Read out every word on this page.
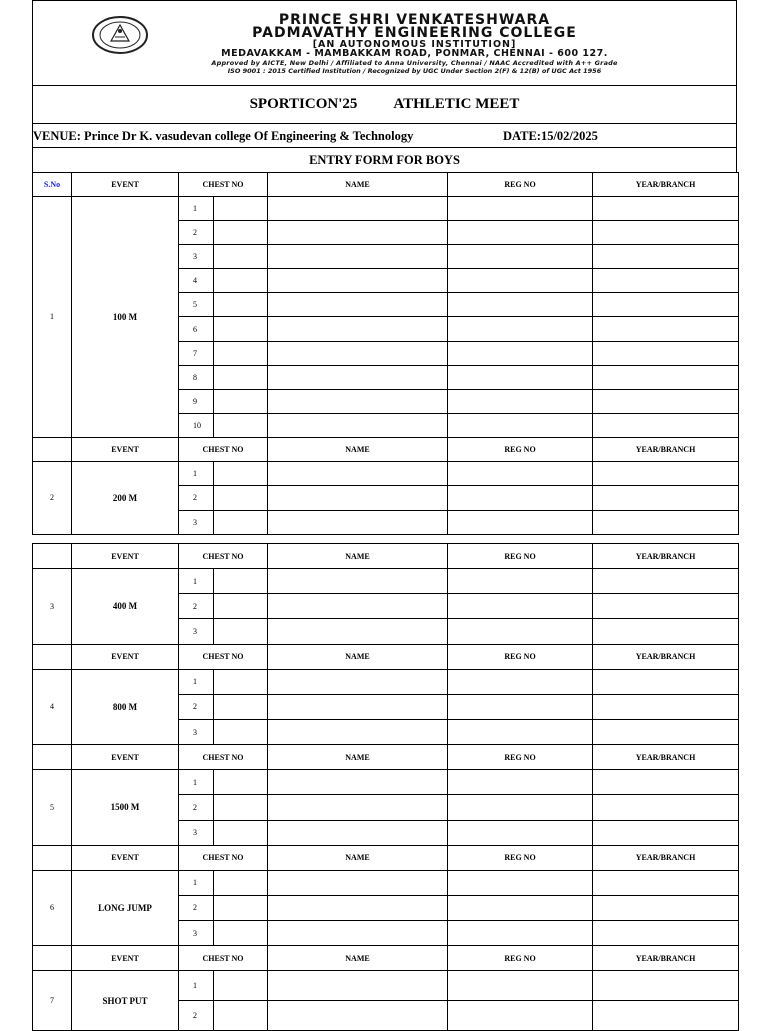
PRINCE SHRI VENKATESHWARA
PADMAVATHY ENGINEERING COLLEGE
[AN AUTONOMOUS INSTITUTION]
MEDAVAKKAM - MAMBAKKAM ROAD, PONMAR, CHENNAI - 600 127.
Approved by AICTE, New Delhi / Affiliated to Anna University, Chennai / NAAC Accredited with A++ Grade
ISO 9001 : 2015 Certified Institution / Recognized by UGC Under Section 2(F) & 12(B) of UGC Act 1956
SPORTICON'25 ATHLETIC MEET
VENUE: Prince Dr K. vasudevan college Of Engineering & Technology	DATE:15/02/2025
ENTRY FORM FOR BOYS
S.No	EVENT	CHEST NO		NAME	REG NO	YEAR/BRANCH
1	100 M	1				
		2				
		3				
		4				
		5				
		6				
		7				
		8				
		9				
		10				
	EVENT	CHEST NO		NAME	REG NO	YEAR/BRANCH
2	200 M	1				
		2				
		3				
	EVENT	CHEST NO		NAME	REG NO	YEAR/BRANCH
3	400 M	1				
		2				
		3				
	EVENT	CHEST NO		NAME	REG NO	YEAR/BRANCH
4	800 M	1				
		2				
		3				
	EVENT	CHEST NO		NAME	REG NO	YEAR/BRANCH
5	1500 M	1				
		2				
		3				
	EVENT	CHEST NO		NAME	REG NO	YEAR/BRANCH
6	LONG JUMP	1				
		2				
		3				
	EVENT	CHEST NO		NAME	REG NO	YEAR/BRANCH
7	SHOT PUT	1				
		2				
